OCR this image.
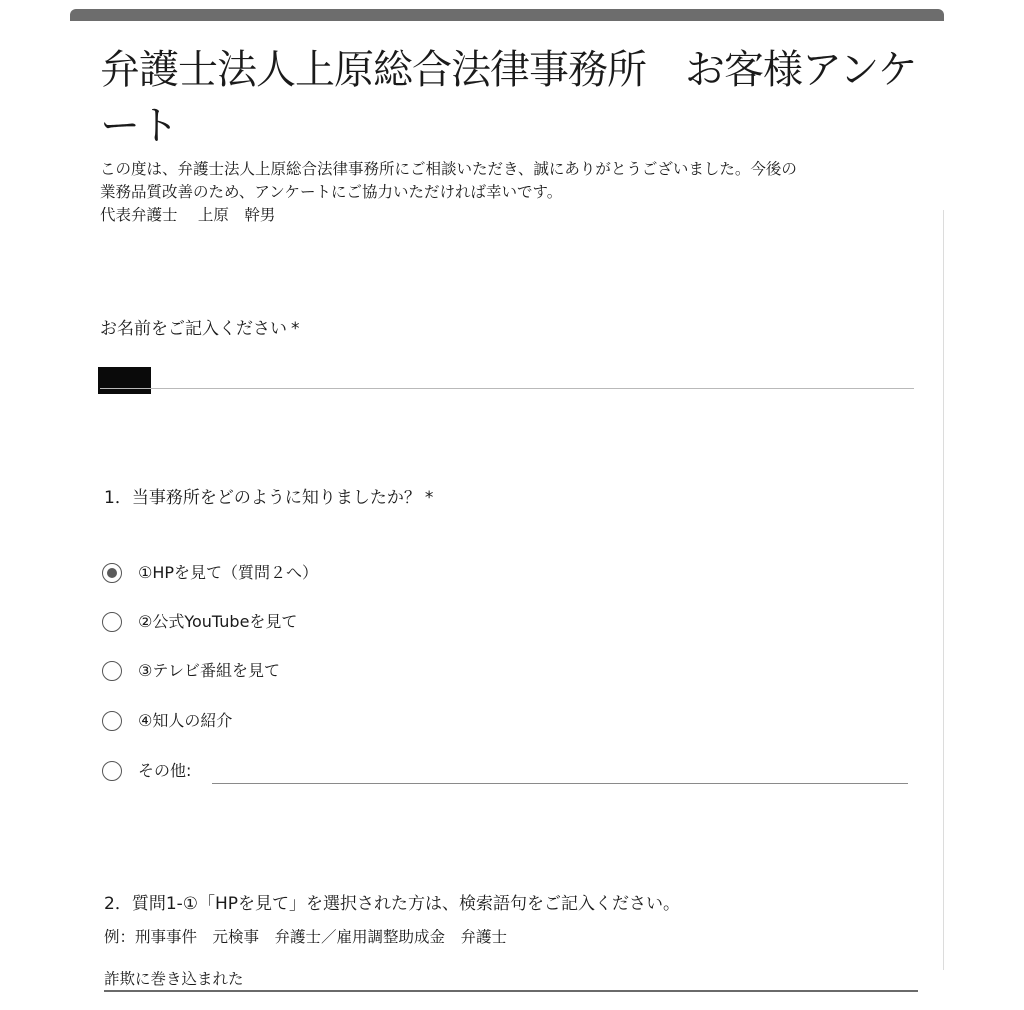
弁護士法人上原総合法律事務所　お客様アンケート
この度は、弁護士法人上原総合法律事務所にご相談いただき、誠にありがとうございました。今後の
業務品質改善のため、アンケートにご協力いただければ幸いです。
代表弁護士　 上原　幹男
お名前をご記入ください *
1．当事務所をどのように知りましたか？ *
①HPを見て（質問２へ）
②公式YouTubeを見て
③テレビ番組を見て
④知人の紹介
その他:
2．質問1-①「HPを見て」を選択された方は、検索語句をご記入ください。
例：刑事事件　元検事　弁護士／雇用調整助成金　弁護士
詐欺に巻き込まれた
